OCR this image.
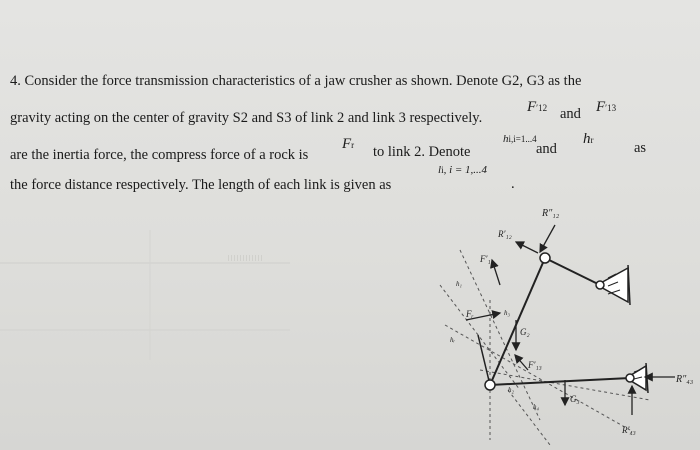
4. Consider the force transmission characteristics of a jaw crusher as shown. Denote G2, G3 as the
gravity acting on the center of gravity S2 and S3 of link 2 and link 3 respectively.
F′12 and F′13
are the inertia force, the compress force of a rock is
Fr to link 2. Denote
hi,i=1...4
and
hr	as
the force distance respectively. The length of each link is given as
li, i = 1,...4
.
R″₁₂
R′₁₂
F′₁₂
h₁
h₃
Fᵣ
hᵣ
G₂
F′₁₃
h₂
h₄
G₃
R″₄₃
R′₄₃
